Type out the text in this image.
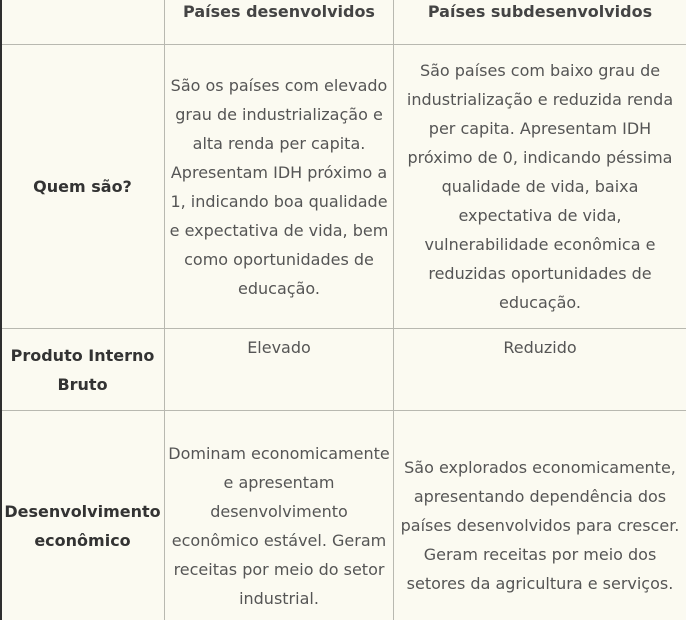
	Países desenvolvidos	Países subdesenvolvidos
Quem são?	São os países com elevado grau de industrialização e alta renda per capita. Apresentam IDH próximo a 1, indicando boa qualidade e expectativa de vida, bem como oportunidades de educação.	São países com baixo grau de industrialização e reduzida renda per capita. Apresentam IDH próximo de 0, indicando péssima qualidade de vida, baixa expectativa de vida, vulnerabilidade econômica e reduzidas oportunidades de educação.
Produto Interno Bruto	Elevado	Reduzido
Desenvolvimento econômico	Dominam economicamente e apresentam desenvolvimento econômico estável. Geram receitas por meio do setor industrial.	São explorados economicamente, apresentando dependência dos países desenvolvidos para crescer. Geram receitas por meio dos setores da agricultura e serviços.
